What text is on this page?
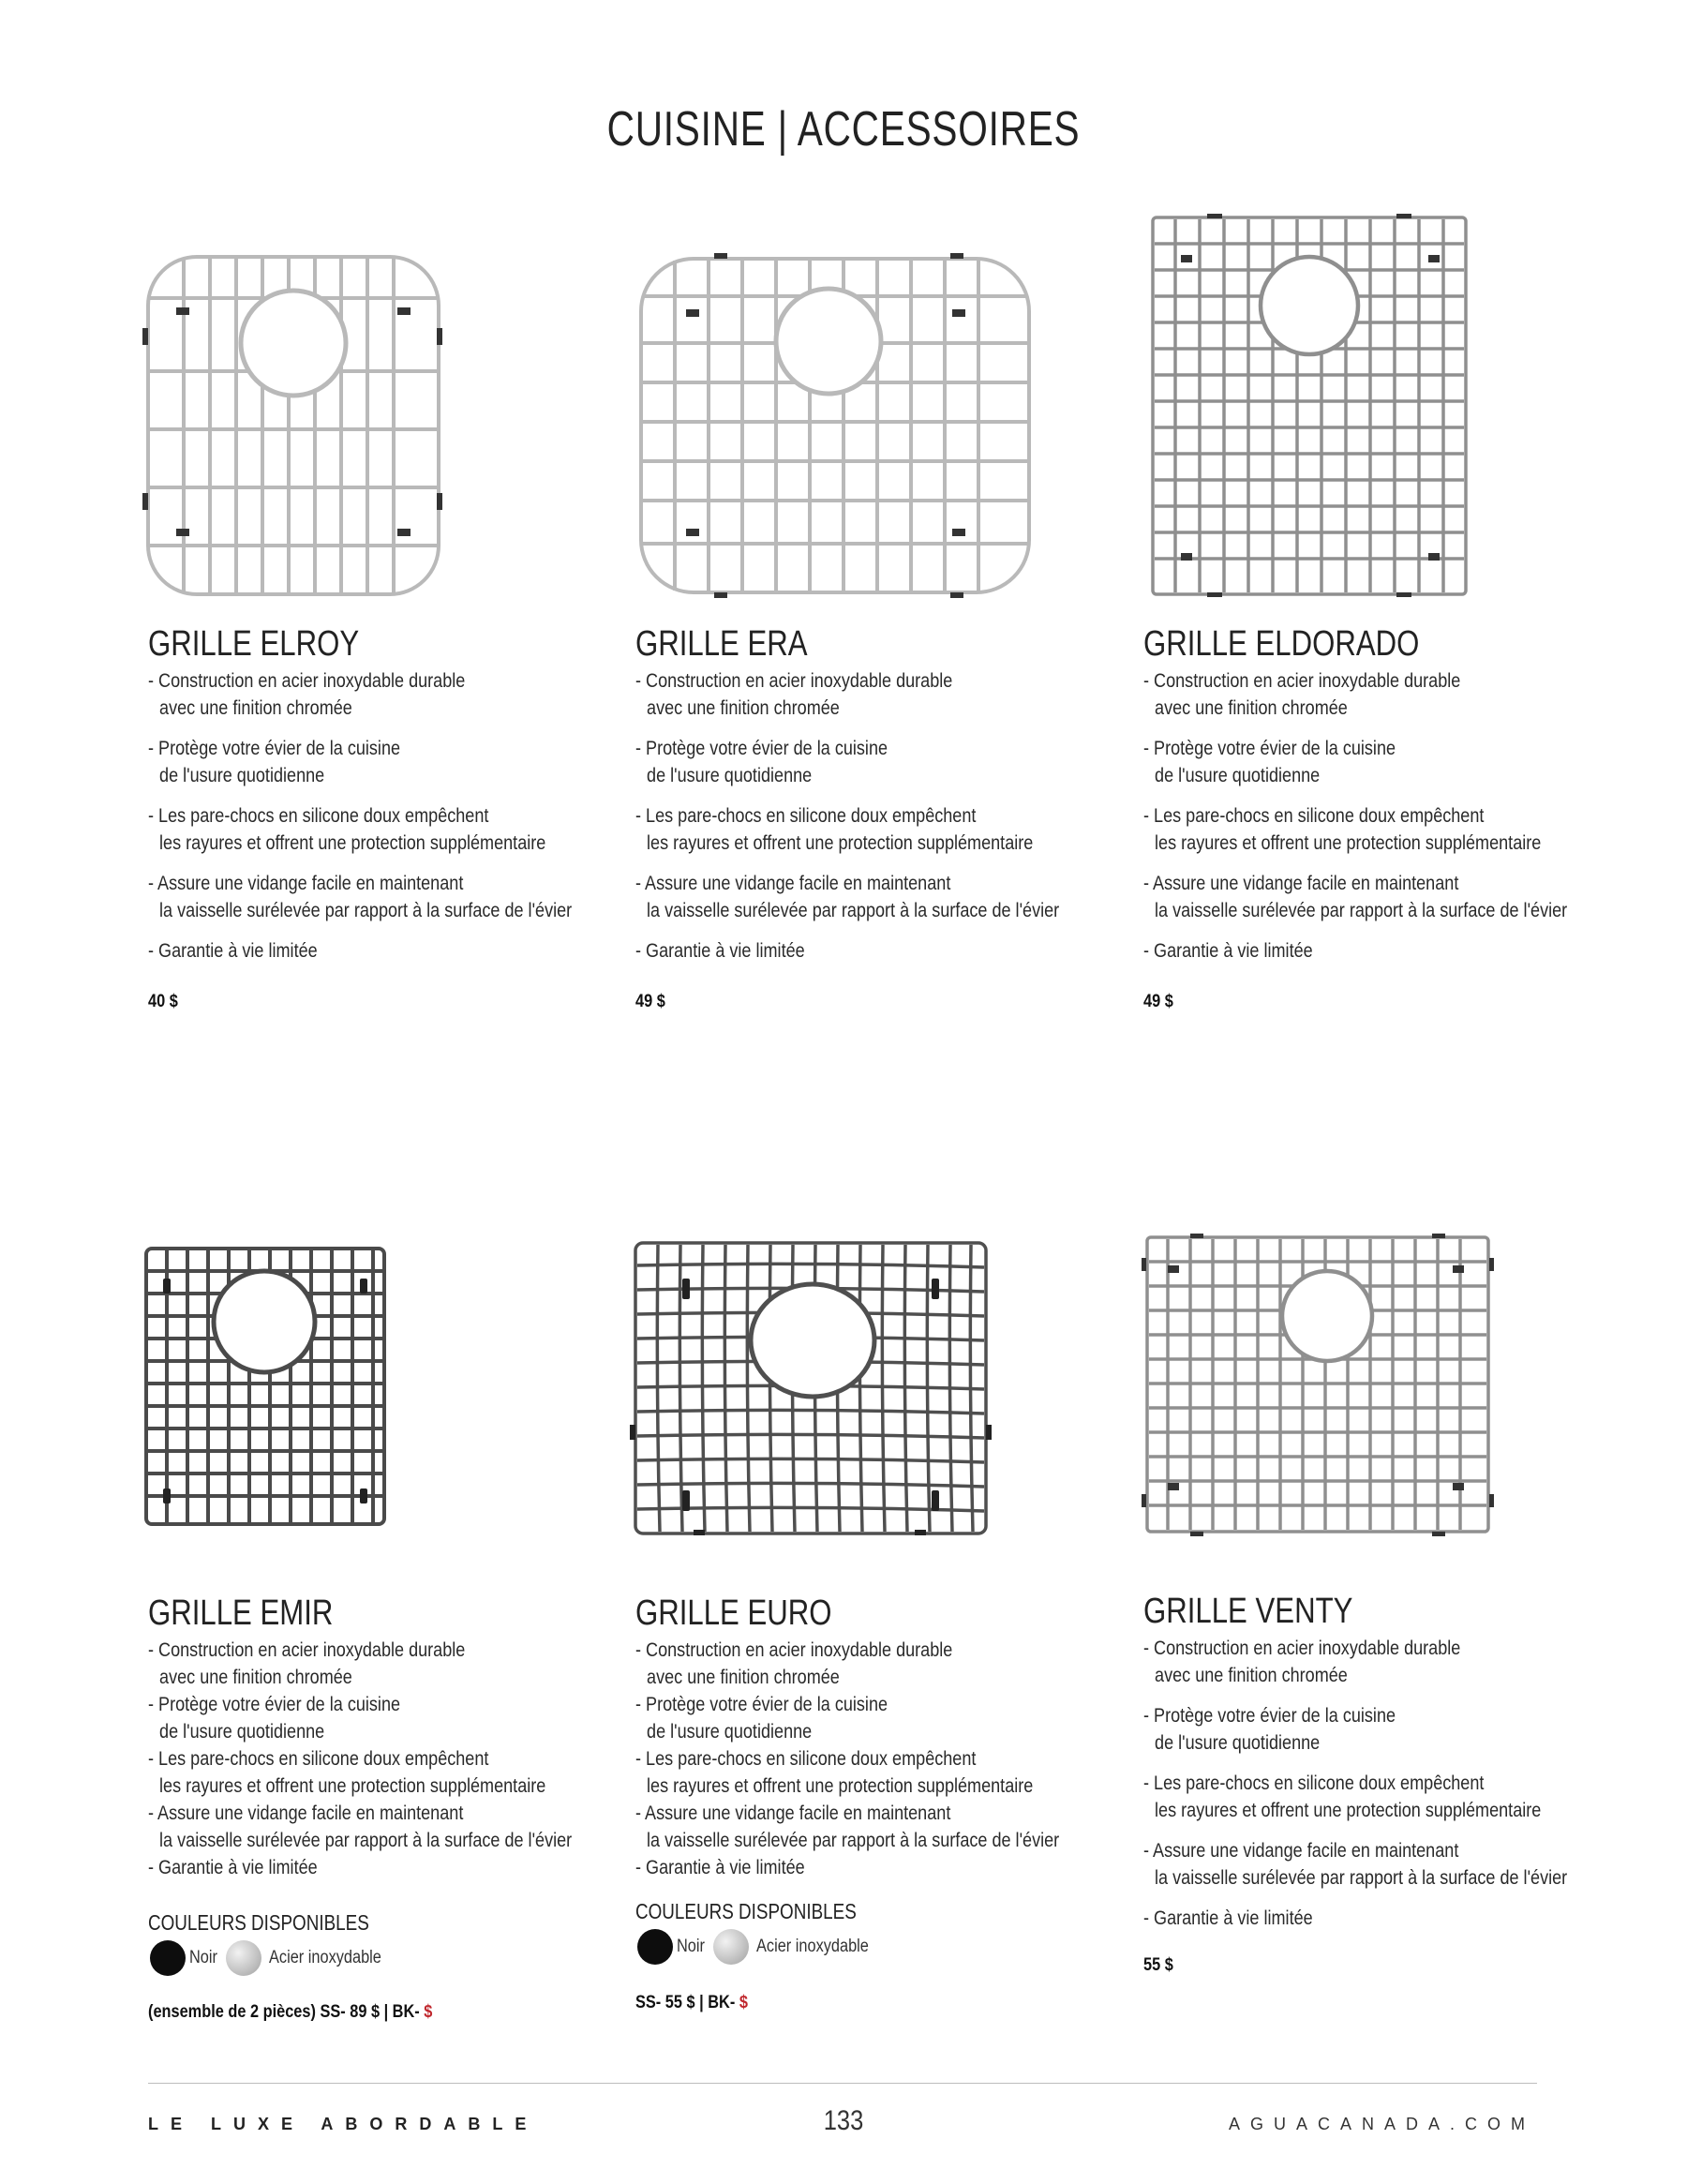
CUISINE | ACCESSOIRES
GRILLE ELROY
- Construction en acier inoxydable durable
avec une finition chromée
- Protège votre évier de la cuisine
de l'usure quotidienne
- Les pare-chocs en silicone doux empêchent
les rayures et offrent une protection supplémentaire
- Assure une vidange facile en maintenant
la vaisselle surélevée par rapport à la surface de l'évier
- Garantie à vie limitée
40 $
GRILLE ERA
- Construction en acier inoxydable durable
avec une finition chromée
- Protège votre évier de la cuisine
de l'usure quotidienne
- Les pare-chocs en silicone doux empêchent
les rayures et offrent une protection supplémentaire
- Assure une vidange facile en maintenant
la vaisselle surélevée par rapport à la surface de l'évier
- Garantie à vie limitée
49 $
GRILLE ELDORADO
- Construction en acier inoxydable durable
avec une finition chromée
- Protège votre évier de la cuisine
de l'usure quotidienne
- Les pare-chocs en silicone doux empêchent
les rayures et offrent une protection supplémentaire
- Assure une vidange facile en maintenant
la vaisselle surélevée par rapport à la surface de l'évier
- Garantie à vie limitée
49 $
GRILLE EMIR
- Construction en acier inoxydable durable
avec une finition chromée
- Protège votre évier de la cuisine
de l'usure quotidienne
- Les pare-chocs en silicone doux empêchent
les rayures et offrent une protection supplémentaire
- Assure une vidange facile en maintenant
la vaisselle surélevée par rapport à la surface de l'évier
- Garantie à vie limitée
COULEURS DISPONIBLES
Noir	Acier inoxydable
(ensemble de 2 pièces) SS- 89 $ | BK- $
GRILLE EURO
- Construction en acier inoxydable durable
avec une finition chromée
- Protège votre évier de la cuisine
de l'usure quotidienne
- Les pare-chocs en silicone doux empêchent
les rayures et offrent une protection supplémentaire
- Assure une vidange facile en maintenant
la vaisselle surélevée par rapport à la surface de l'évier
- Garantie à vie limitée
COULEURS DISPONIBLES
Noir	Acier inoxydable
SS- 55 $ | BK- $
GRILLE VENTY
- Construction en acier inoxydable durable
avec une finition chromée
- Protège votre évier de la cuisine
de l'usure quotidienne
- Les pare-chocs en silicone doux empêchent
les rayures et offrent une protection supplémentaire
- Assure une vidange facile en maintenant
la vaisselle surélevée par rapport à la surface de l'évier
- Garantie à vie limitée
55 $
LE LUXE ABORDABLE	133	AGUACANADA.COM
